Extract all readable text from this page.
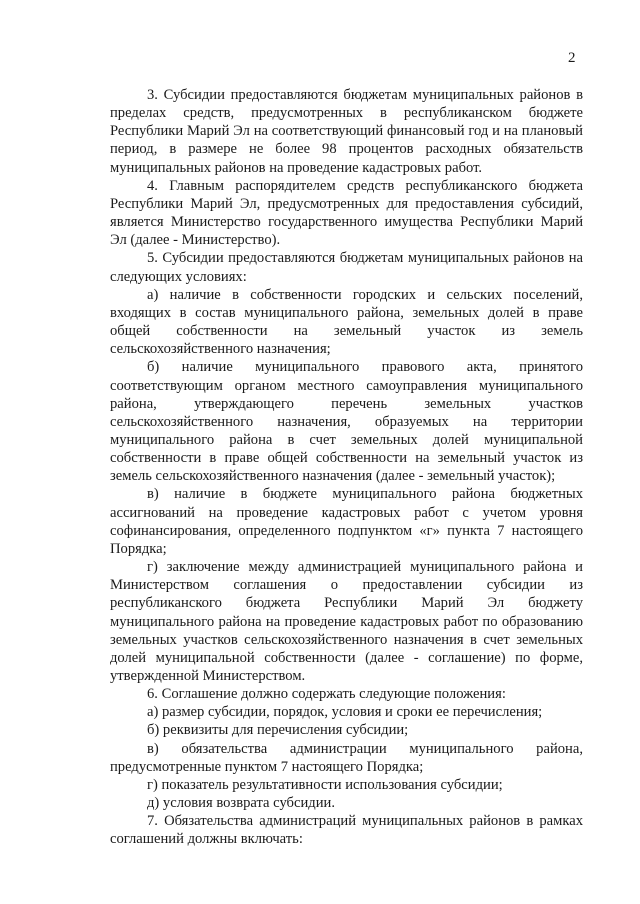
2

3. Субсидии предоставляются бюджетам муниципальных районов в пределах средств, предусмотренных в республиканском бюджете Республики Марий Эл на соответствующий финансовый год и на плановый период, в размере не более 98 процентов расходных обязательств муниципальных районов на проведение кадастровых работ.

4. Главным распорядителем средств республиканского бюджета Республики Марий Эл, предусмотренных для предоставления субсидий, является Министерство государственного имущества Республики Марий Эл (далее - Министерство).

5. Субсидии предоставляются бюджетам муниципальных районов на следующих условиях:

а) наличие в собственности городских и сельских поселений, входящих в состав муниципального района, земельных долей в праве общей собственности на земельный участок из земель сельскохозяйственного назначения;

б) наличие муниципального правового акта, принятого соответствующим органом местного самоуправления муниципального района, утверждающего перечень земельных участков сельскохозяйственного назначения, образуемых на территории муниципального района в счет земельных долей муниципальной собственности в праве общей собственности на земельный участок из земель сельскохозяйственного назначения (далее - земельный участок);

в) наличие в бюджете муниципального района бюджетных ассигнований на проведение кадастровых работ с учетом уровня софинансирования, определенного подпунктом «г» пункта 7 настоящего Порядка;

г) заключение между администрацией муниципального района и Министерством соглашения о предоставлении субсидии из республиканского бюджета Республики Марий Эл бюджету муниципального района на проведение кадастровых работ по образованию земельных участков сельскохозяйственного назначения в счет земельных долей муниципальной собственности (далее - соглашение) по форме, утвержденной Министерством.

6. Соглашение должно содержать следующие положения:

а) размер субсидии, порядок, условия и сроки ее перечисления;

б) реквизиты для перечисления субсидии;

в) обязательства администрации муниципального района, предусмотренные пунктом 7 настоящего Порядка;

г) показатель результативности использования субсидии;

д) условия возврата субсидии.

7. Обязательства администраций муниципальных районов в рамках соглашений должны включать:
